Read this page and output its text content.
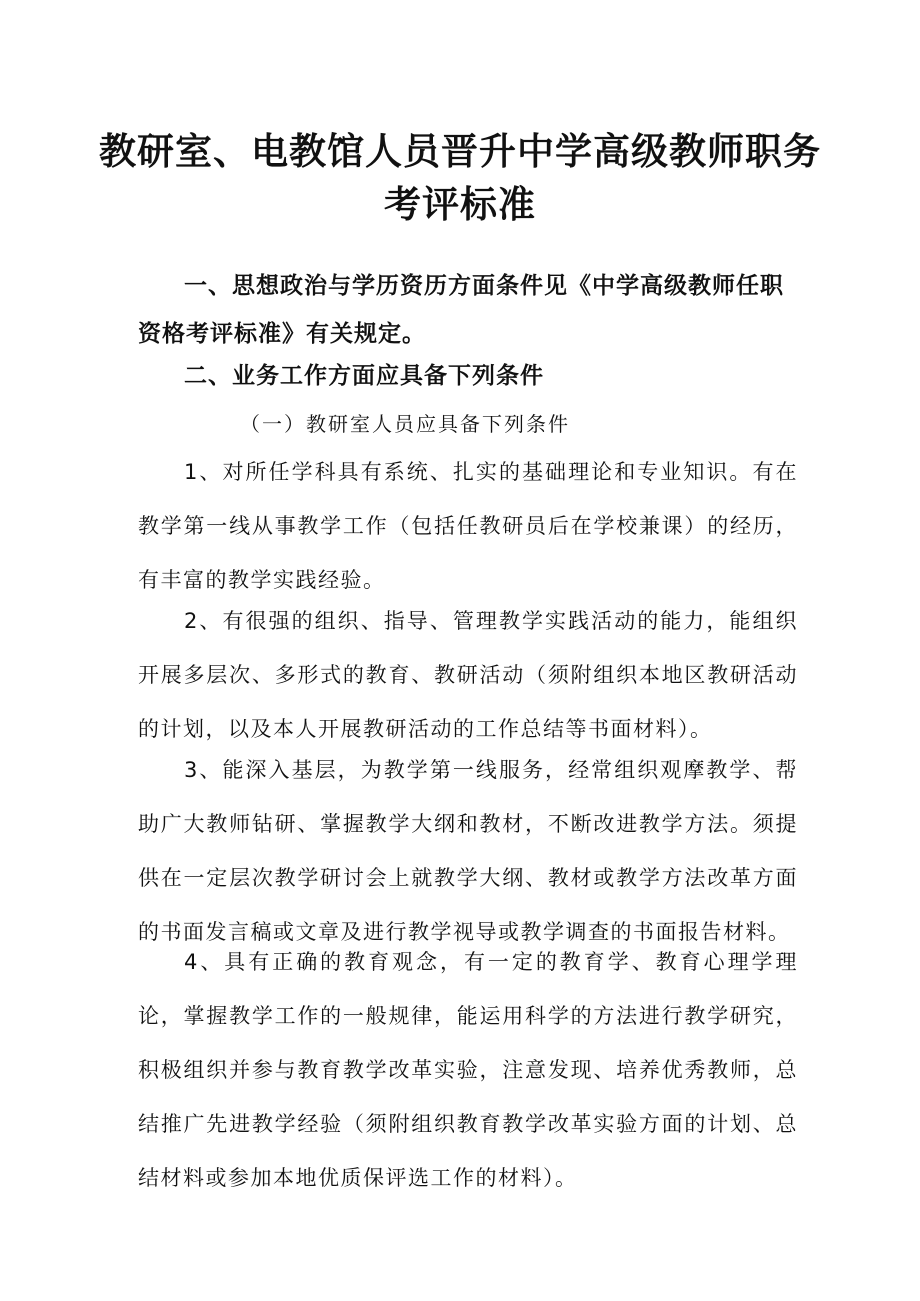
教研室、电教馆人员晋升中学高级教师职务
考评标准
一、思想政治与学历资历方面条件见《中学高级教师任职资格考评标准》有关规定。
二、业务工作方面应具备下列条件
（一）教研室人员应具备下列条件

1、对所任学科具有系统、扎实的基础理论和专业知识。有在教学第一线从事教学工作（包括任教研员后在学校兼课）的经历，有丰富的教学实践经验。

2、有很强的组织、指导、管理教学实践活动的能力，能组织开展多层次、多形式的教育、教研活动（须附组织本地区教研活动的计划，以及本人开展教研活动的工作总结等书面材料）。

3、能深入基层，为教学第一线服务，经常组织观摩教学、帮助广大教师钻研、掌握教学大纲和教材，不断改进教学方法。须提供在一定层次教学研讨会上就教学大纲、教材或教学方法改革方面的书面发言稿或文章及进行教学视导或教学调查的书面报告材料。

4、具有正确的教育观念，有一定的教育学、教育心理学理论，掌握教学工作的一般规律，能运用科学的方法进行教学研究，积极组织并参与教育教学改革实验，注意发现、培养优秀教师，总结推广先进教学经验（须附组织教育教学改革实验方面的计划、总结材料或参加本地优质保评选工作的材料）。
